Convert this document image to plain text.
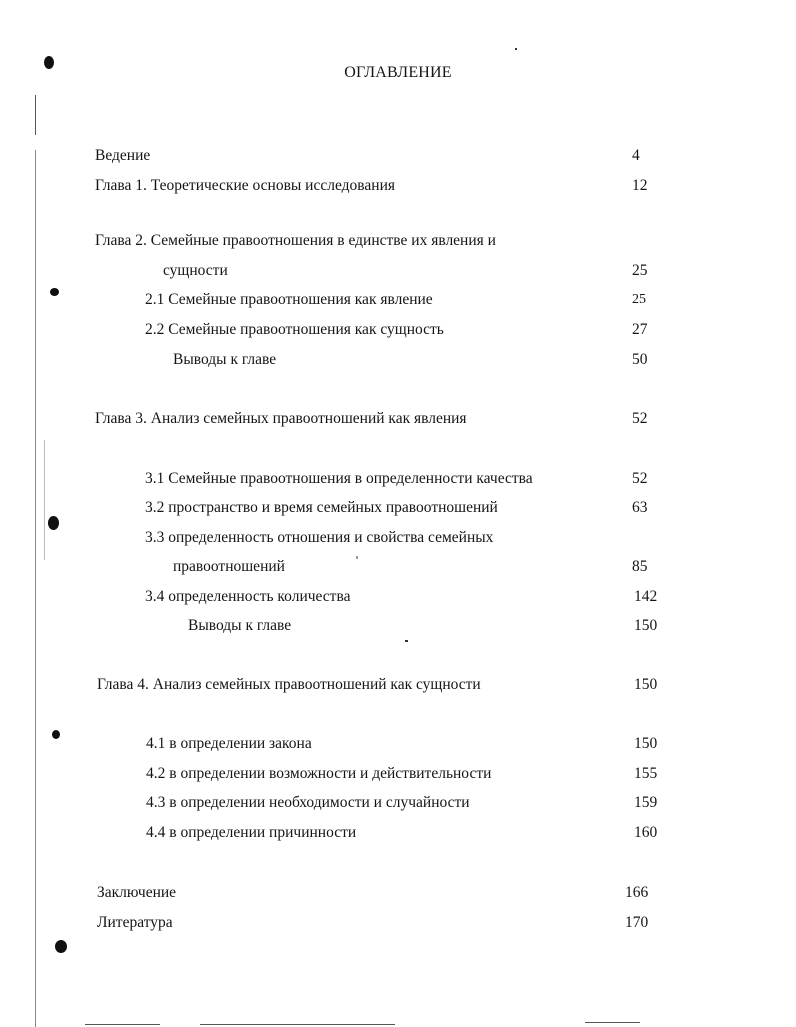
ОГЛАВЛЕНИЕ
Ведение	4
Глава 1. Теоретические основы исследования	12
Глава 2. Семейные правоотношения в единстве их явления и
сущности	25
2.1 Семейные правоотношения как явление	25
2.2 Семейные правоотношения как сущность	27
Выводы к главе	50
Глава 3. Анализ семейных правоотношений как явления	52
3.1 Семейные правоотношения в определенности качества	52
3.2 пространство и время семейных правоотношений	63
3.3 определенность отношения и свойства семейных
правоотношений	85
3.4 определенность количества	142
Выводы к главе	150
Глава 4. Анализ семейных правоотношений как сущности	150
4.1 в определении закона	150
4.2 в определении возможности и действительности	155
4.3 в определении необходимости и случайности	159
4.4 в определении причинности	160
Заключение	166
Литература	170
